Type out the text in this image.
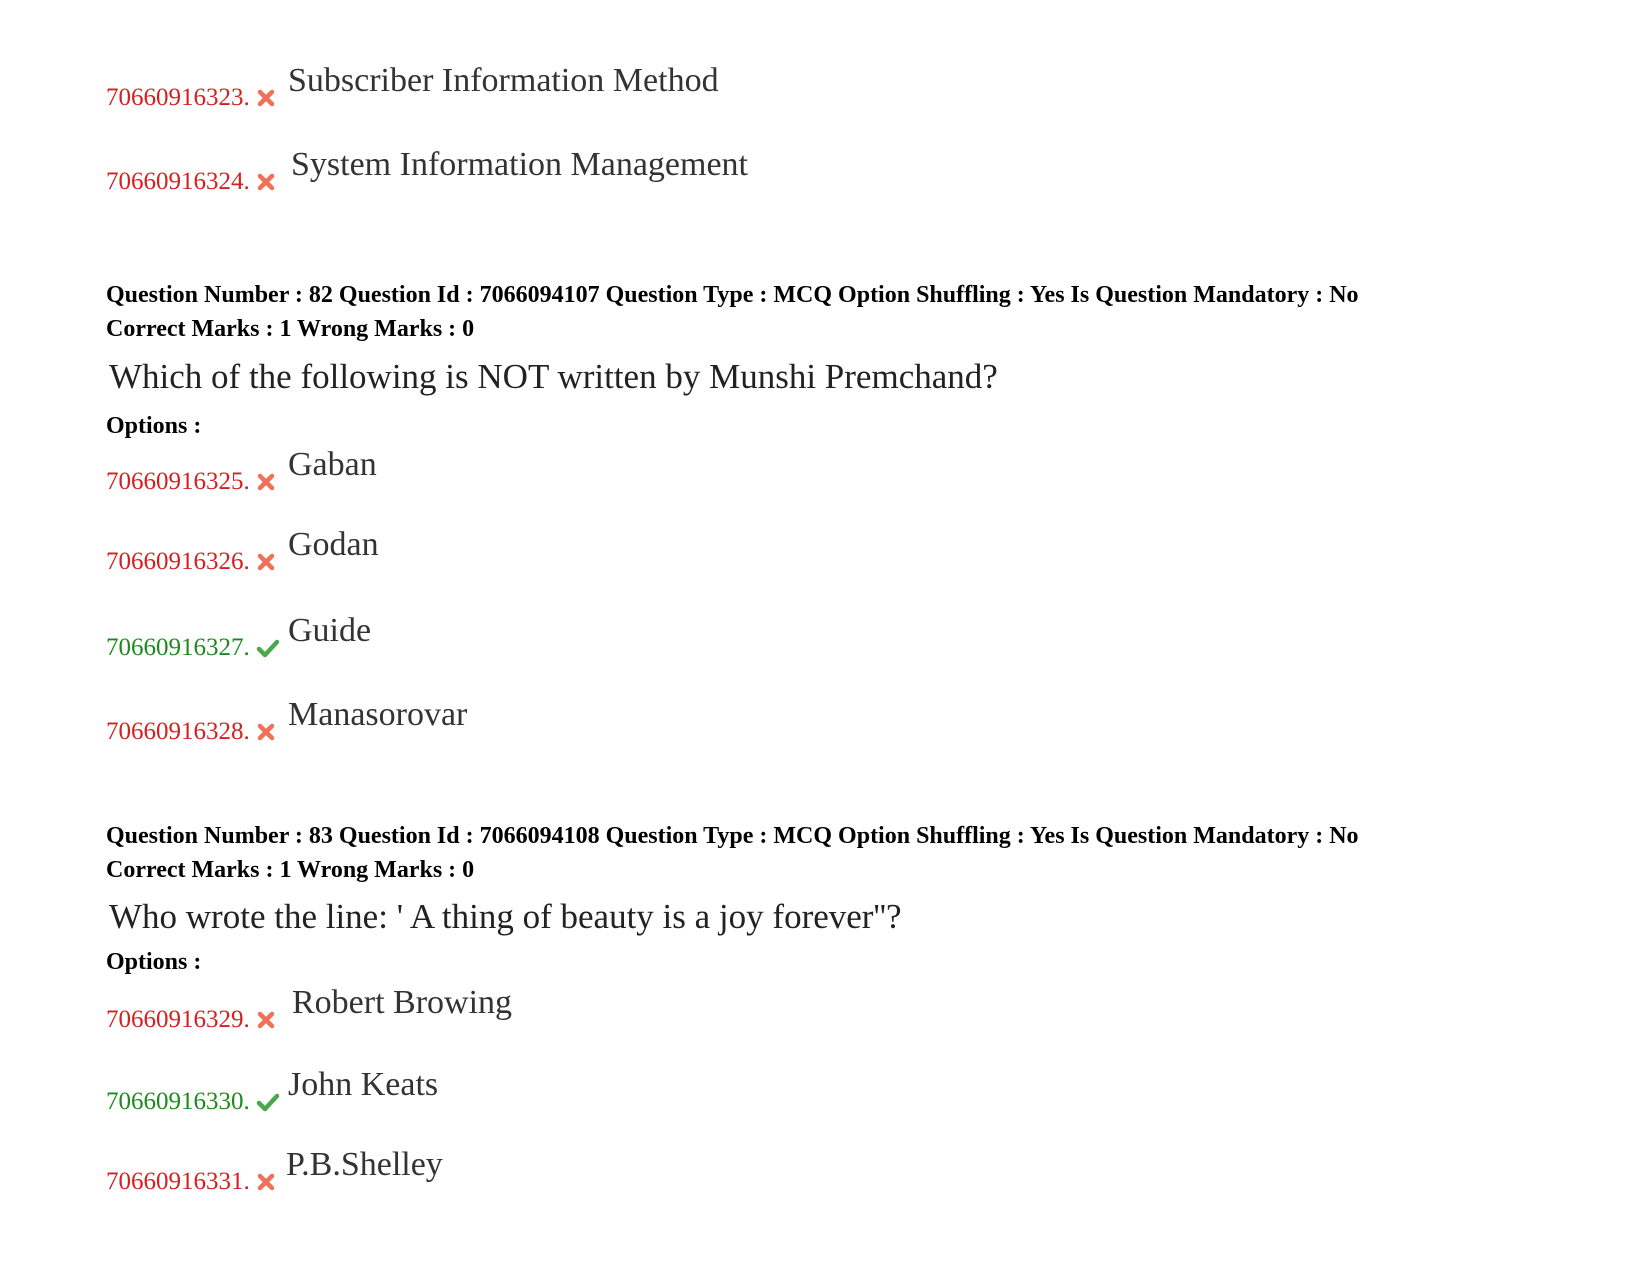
70660916323. Subscriber Information Method
70660916324. System Information Management
Question Number : 82 Question Id : 7066094107 Question Type : MCQ Option Shuffling : Yes Is Question Mandatory : No
Correct Marks : 1 Wrong Marks : 0
Which of the following is NOT written by Munshi Premchand?
Options :
70660916325. Gaban
70660916326. Godan
70660916327. Guide
70660916328. Manasorovar
Question Number : 83 Question Id : 7066094108 Question Type : MCQ Option Shuffling : Yes Is Question Mandatory : No
Correct Marks : 1 Wrong Marks : 0
Who wrote the line: ' A thing of beauty is a joy forever''?
Options :
70660916329. Robert Browing
70660916330. John Keats
70660916331. P.B.Shelley
